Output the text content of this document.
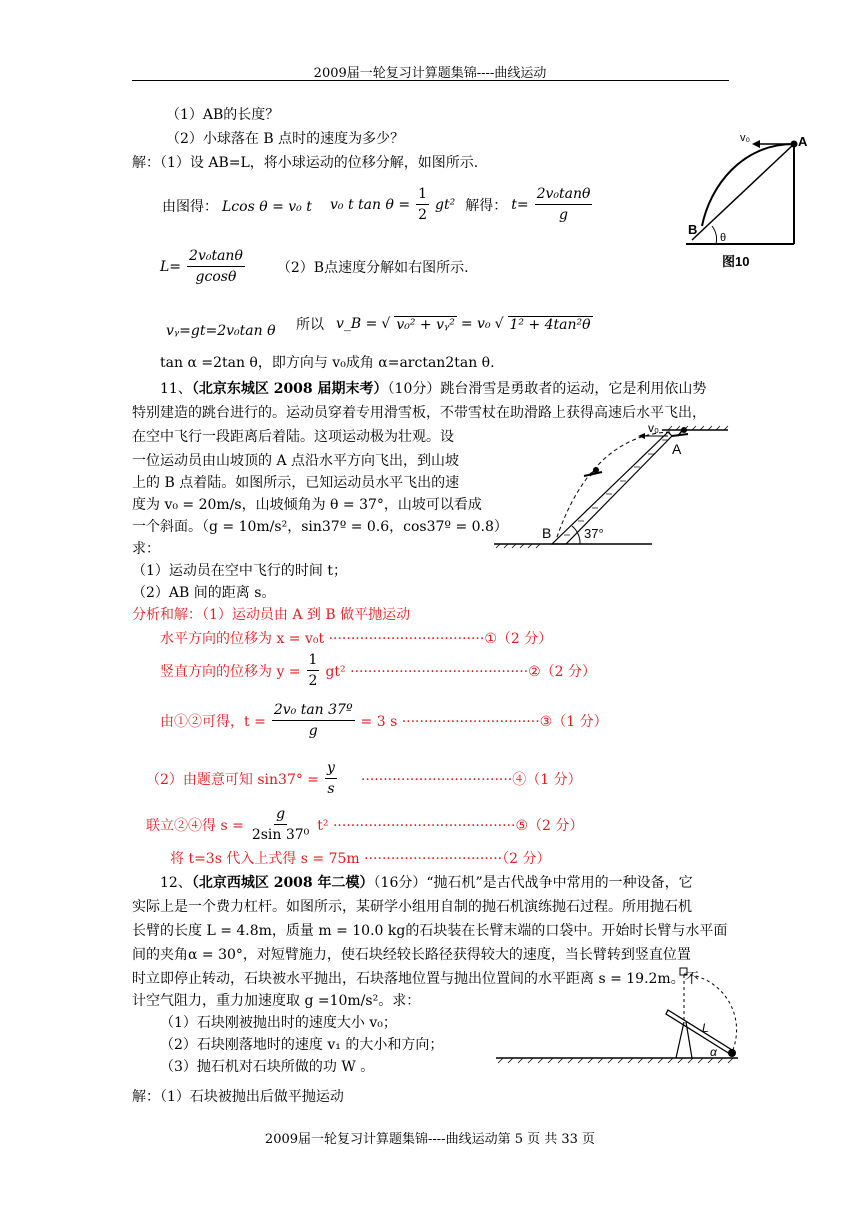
2009届一轮复习计算题集锦----曲线运动
（1）AB的长度？
（2）小球落在 B 点时的速度为多少？
解：（1）设 AB=L，将小球运动的位移分解，如图所示.
由图得： Lcos θ = v₀ t v₀ t $\tan \theta = \frac{1}{2} gt^2$ 解得： $t= \frac{\text{2v₀tanθ}}{g}$
$L= \frac{\text{2v₀tanθ}}{gcos\theta} (2)B$点速度分解如右图所示.
vᵧ=gt=2v₀tan θ 所以 v_B = √ v₀² + vᵧ² = v₀ √ 1² + 4tan²θ
tan α =2tan θ，即方向与 v₀成角 α=arctan2tan θ.
v₀	A
B
θ
图10
11、（北京东城区 2008 届期末考）（10分）跳台滑雪是勇敢者的运动，它是利用依山势
特别建造的跳台进行的。运动员穿着专用滑雪板，不带雪杖在助滑路上获得高速后水平飞出，
在空中飞行一段距离后着陆。这项运动极为壮观。设
一位运动员由山坡顶的 A 点沿水平方向飞出，到山坡
上的 B 点着陆。如图所示，已知运动员水平飞出的速
度为 v₀ = 20m/s，山坡倾角为 θ = 37°，山坡可以看成
一个斜面。（g = 10m/s²，sin37º = 0.6，cos37º = 0.8）
求：
（1）运动员在空中飞行的时间 t；
（2）AB 间的距离 s。
v₀
A
B	37°
分析和解：（1）运动员由 A 到 B 做平抛运动
水平方向的位移为 x = v₀t ···································①（2 分）
竖直方向的位移为 $y = \frac{1}{2} gt^2$ ········································②（2 分）
由①②可得，$t = \frac{\text{2v₀ tan 37º}}{g} = 3$ s ·······························③（1 分）
（2）由题意可知 $\sin 37^\circ = \frac{y}{s}$ ··································④（1 分）
联立②④得 $s = \frac{g}{\text{2sin 37⁰}} t^2$ ·········································⑤（2 分）
将 t=3s 代入上式得 s = 75m ·······························（2 分）
12、（北京西城区 2008 年二模）（16分）“抛石机”是古代战争中常用的一种设备，它
实际上是一个费力杠杆。如图所示，某研学小组用自制的抛石机演练抛石过程。所用抛石机
长臂的长度 L = 4.8m，质量 m = 10.0 kg的石块装在长臂末端的口袋中。开始时长臂与水平面
间的夹角α = 30°，对短臂施力，使石块经较长路径获得较大的速度，当长臂转到竖直位置
时立即停止转动，石块被水平抛出，石块落地位置与抛出位置间的水平距离 s = 19.2m。不
计空气阻力，重力加速度取 g =10m/s²。求：
（1）石块刚被抛出时的速度大小 v₀；
（2）石块刚落地时的速度 v₁ 的大小和方向；
（3）抛石机对石块所做的功 W 。
L
α
解：（1）石块被抛出后做平抛运动
2009届一轮复习计算题集锦----曲线运动第 5 页 共 33 页
